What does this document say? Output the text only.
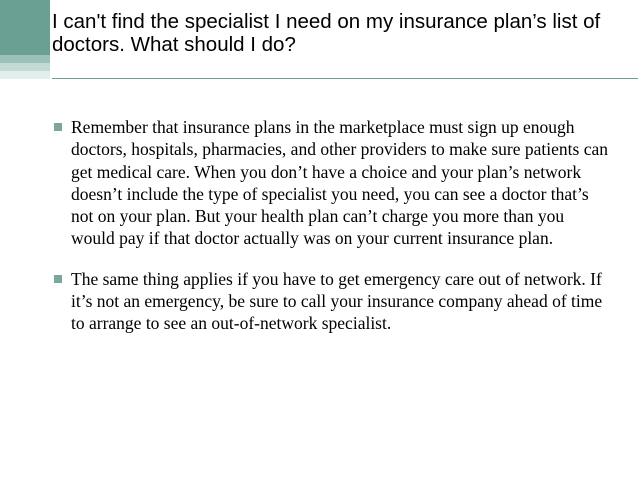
I can't find the specialist I need on my insurance plan’s list of doctors. What should I do?
Remember that insurance plans in the marketplace must sign up enough doctors, hospitals, pharmacies, and other providers to make sure patients can get medical care. When you don’t have a choice and your plan’s network doesn’t include the type of specialist you need, you can see a doctor that’s not on your plan. But your health plan can’t charge you more than you would pay if that doctor actually was on your current insurance plan.
The same thing applies if you have to get emergency care out of network. If it’s not an emergency, be sure to call your insurance company ahead of time to arrange to see an out-of-network specialist.
